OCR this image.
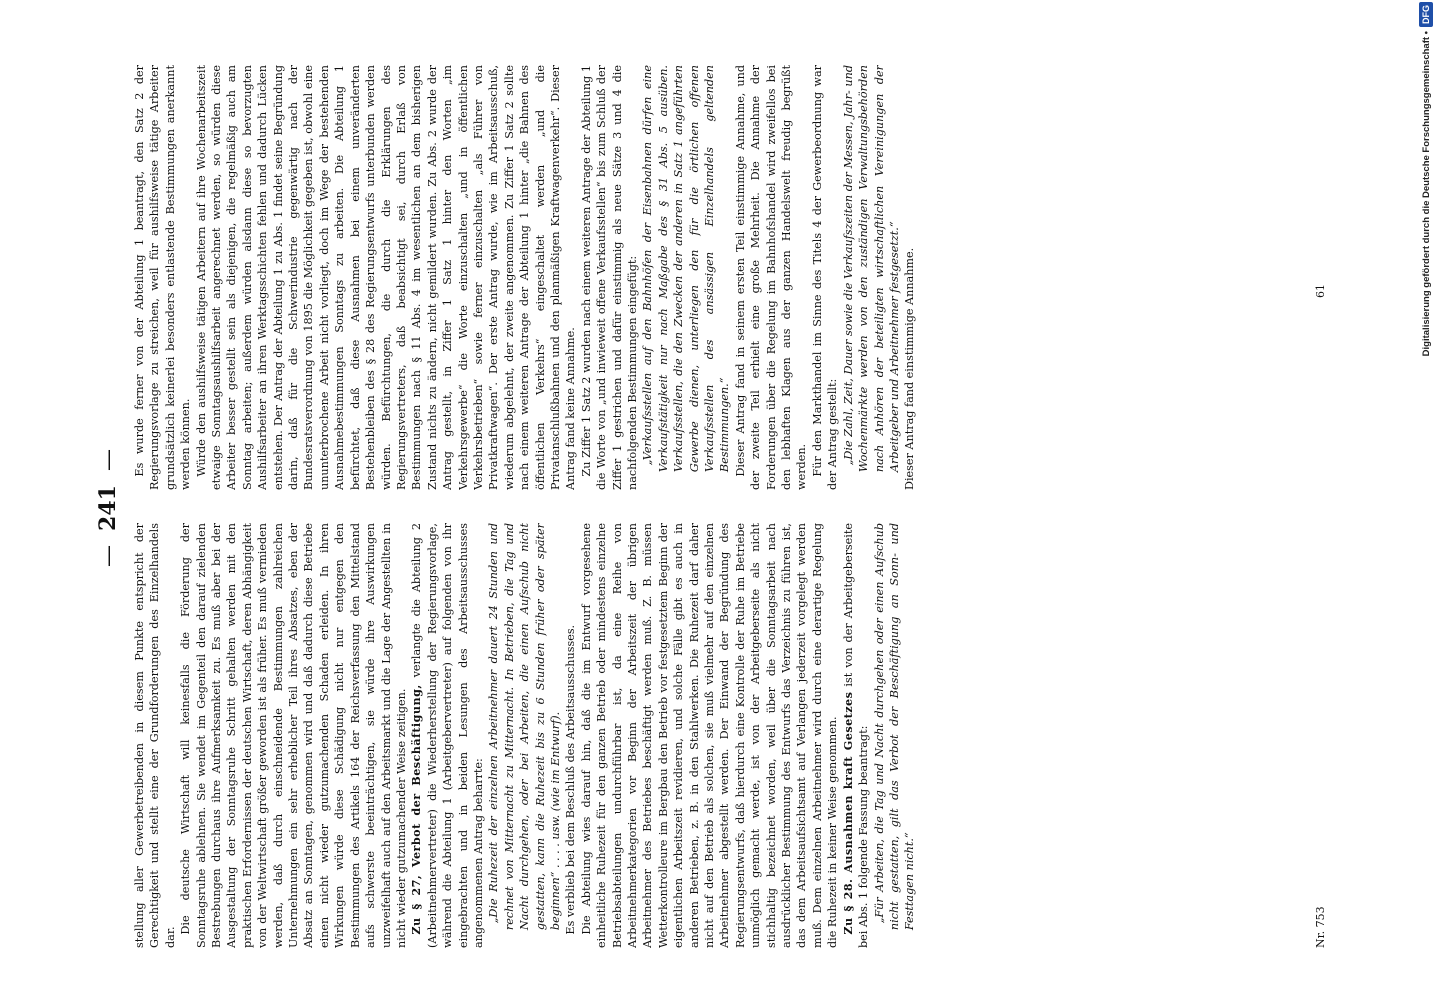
—241—

stellung aller Gewerbetreibenden in diesem Punkte entspricht der Gerechtigkeit und stellt eine der Grundforderungen des Einzelhandels dar.

Die deutsche Wirtschaft will keinesfalls die Förderung der Sonntagsruhe ablehnen. Sie wendet im Gegenteil den darauf zielenden Bestrebungen durchaus ihre Aufmerksamkeit zu. Es muß aber bei der Ausgestaltung der Sonntagsruhe Schritt gehalten werden mit den praktischen Erfordernissen der deutschen Wirtschaft, deren Abhängigkeit von der Weltwirtschaft größer geworden ist als früher. Es muß vermieden werden, daß durch einschneidende Bestimmungen zahlreichen Unternehmungen ein sehr erheblicher Teil ihres Absatzes, eben der Absatz an Sonntagen, genommen wird und daß dadurch diese Betriebe einen nicht wieder gutzumachenden Schaden erleiden. In ihren Wirkungen würde diese Schädigung nicht nur entgegen den Bestimmungen des Artikels 164 der Reichsverfassung den Mittelstand aufs schwerste beeinträchtigen, sie würde ihre Auswirkungen unzweifelhaft auch auf den Arbeitsmarkt und die Lage der Angestellten in nicht wieder gutzumachender Weise zeitigen. Zu § 27, Verbot der Beschäftigung, verlangte die Abteilung 2 (Arbeitnehmervertreter) die Wiederherstellung der Regierungsvorlage, während die Abteilung 1 (Arbeitgebervertreter) auf folgenden von ihr eingebrachten und in beiden Lesungen des Arbeitsausschusses angenommenen Antrag beharrte: „Die Ruhezeit der einzelnen Arbeitnehmer dauert 24 Stunden und rechnet von Mitternacht zu Mitternacht. In Betrieben, die Tag und Nacht durchgehen, oder bei Arbeiten, die einen Aufschub nicht gestatten, kann die Ruhezeit bis zu 6 Stunden früher oder später beginnen“ . . . . usw. (wie im Entwurf). Es verblieb bei dem Beschluß des Arbeitsausschusses. Die Abteilung wies darauf hin, daß die im Entwurf vorgesehene einheitliche Ruhezeit für den ganzen Betrieb oder mindestens einzelne Betriebsabteilungen undurchführbar ist, da eine Reihe von Arbeitnehmerkategorien vor Beginn der Arbeitszeit der übrigen Arbeitnehmer des Betriebes beschäftigt werden muß. Z. B. müssen Wetterkontrolleure im Bergbau den Betrieb vor festgesetztem Beginn der eigentlichen Arbeitszeit revidieren, und solche Fälle gibt es auch in anderen Betrieben, z. B. in den Stahlwerken. Die Ruhezeit darf daher nicht auf den Betrieb als solchen, sie muß vielmehr auf den einzelnen Arbeitnehmer abgestellt werden. Der Einwand der Begründung des Regierungsentwurfs, daß hierdurch eine Kontrolle der Ruhe im Betriebe unmöglich gemacht werde, ist von der Arbeitgeberseite als nicht stichhaltig bezeichnet worden, weil über die Sonntagsarbeit nach ausdrücklicher Bestimmung des Entwurfs das Verzeichnis zu führen ist, das dem Arbeitsaufsichtsamt auf Verlangen jederzeit vorgelegt werden muß. Dem einzelnen Arbeitnehmer wird durch eine derartige Regelung die Ruhezeit in keiner Weise genommen. Zu § 28. Ausnahmen kraft Gesetzes ist von der Arbeitgeberseite bei Abs. 1 folgende Fassung beantragt: „Für Arbeiten, die Tag und Nacht durchgehen oder einen Aufschub nicht gestatten, gilt das Verbot der Beschäftigung an Sonn- und Festtagen nicht.“

Es wurde ferner von der Abteilung 1 beantragt, den Satz 2 der Regierungsvorlage zu streichen, weil für aushilfsweise tätige Arbeiter grundsätzlich keinerlei besonders entlastende Bestimmungen anerkannt werden können. Würde den aushilfsweise tätigen Arbeitern auf ihre Wochenarbeitszeit etwaige Sonntagsaushilfsarbeit angerechnet werden, so würden diese Arbeiter besser gestellt sein als diejenigen, die regelmäßig auch am Sonntag arbeiten; außerdem würden alsdann diese so bevorzugten Aushilfsarbeiter an ihren Werktagsschichten fehlen und dadurch Lücken entstehen. Der Antrag der Abteilung 1 zu Abs. 1 findet seine Begründung darin, daß für die Schwerindustrie gegenwärtig nach der Bundesratsverordnung von 1895 die Möglichkeit gegeben ist, obwohl eine ununterbrochene Arbeit nicht vorliegt, doch im Wege der bestehenden Ausnahmebestimmungen Sonntags zu arbeiten. Die Abteilung 1 befürchtet, daß diese Ausnahmen bei einem unveränderten Bestehenbleiben des § 28 des Regierungsentwurfs unterbunden werden würden. Befürchtungen, die durch die Erklärungen des Regierungsvertreters, daß beabsichtigt sei, durch Erlaß von Bestimmungen nach § 11 Abs. 4 im wesentlichen an dem bisherigen Zustand nichts zu ändern, nicht gemildert wurden. Zu Abs. 2 wurde der Antrag gestellt, in Ziffer 1 Satz 1 hinter den Worten „im Verkehrsgewerbe“ die Worte einzuschalten „und in öffentlichen Verkehrsbetrieben“ sowie ferner einzuschalten „als Führer von Privatkraftwagen“. Der erste Antrag wurde, wie im Arbeitsausschuß, wiederum abgelehnt, der zweite angenommen. Zu Ziffer 1 Satz 2 sollte nach einem weiteren Antrage der Abteilung 1 hinter „die Bahnen des öffentlichen Verkehrs“ eingeschaltet werden „und die Privatanschlußbahnen und den planmäßigen Kraftwagenverkehr“. Dieser Antrag fand keine Annahme. Zu Ziffer 1 Satz 2 wurden nach einem weiteren Antrage der Abteilung 1 die Worte von „und inwieweit offene Verkaufsstellen“ bis zum Schluß der Ziffer 1 gestrichen und dafür einstimmig als neue Sätze 3 und 4 die nachfolgenden Bestimmungen eingefügt: „Verkaufsstellen auf den Bahnhöfen der Eisenbahnen dürfen eine Verkaufstätigkeit nur nach Maßgabe des § 31 Abs. 5 ausüben. Verkaufsstellen, die den Zwecken der anderen in Satz 1 angeführten Gewerbe dienen, unterliegen den für die örtlichen offenen Verkaufsstellen des ansässigen Einzelhandels geltenden Bestimmungen.“ Dieser Antrag fand in seinem ersten Teil einstimmige Annahme, und der zweite Teil erhielt eine große Mehrheit. Die Annahme der Forderungen über die Regelung im Bahnhofshandel wird zweifellos bei den lebhaften Klagen aus der ganzen Handelswelt freudig begrüßt werden. Für den Markthandel im Sinne des Titels 4 der Gewerbeordnung war der Antrag gestellt: „Die Zahl, Zeit, Dauer sowie die Verkaufszeiten der Messen, Jahr- und Wochenmärkte werden von den zuständigen Verwaltungsbehörden nach Anhören der beteiligten wirtschaftlichen Vereinigungen der Arbeitgeber und Arbeitnehmer festgesetzt.“ Dieser Antrag fand einstimmige Annahme.

Nr. 753
61	Digitalisierung gefördert durch die Deutsche Forschungsgemeinschaft •
DFG
